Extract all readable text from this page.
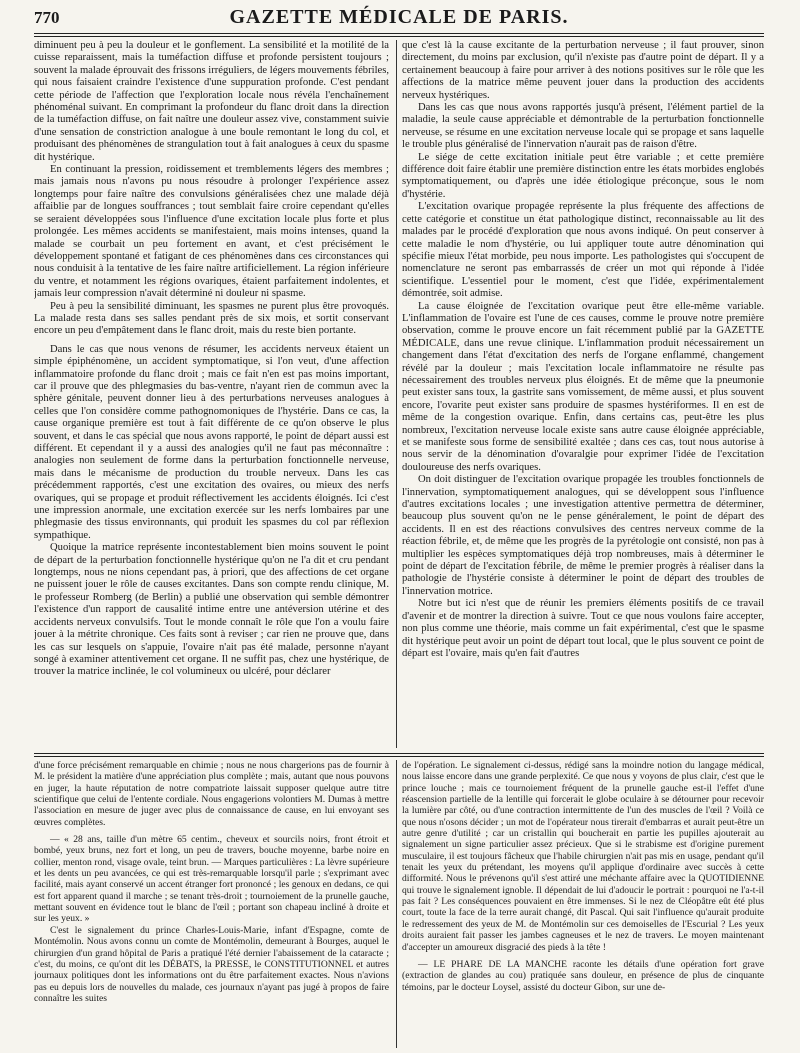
770	GAZETTE MÉDICALE DE PARIS.

diminuent peu à peu la douleur et le gonflement. La sensibilité et la motilité de la cuisse reparaissent, mais la tuméfaction diffuse et profonde persistent toujours ; souvent la malade éprouvait des frissons irréguliers, de légers mouvements fébriles, qui nous faisaient craindre l'existence d'une suppuration profonde. C'est pendant cette période de l'affection que l'exploration locale nous révéla l'enchaînement phénoménal suivant. En comprimant la profondeur du flanc droit dans la direction de la tuméfaction diffuse, on fait naître une douleur assez vive, constamment suivie d'une sensation de constriction analogue à une boule remontant le long du col, et produisant des phénomènes de strangulation tout à fait analogues à ceux du spasme dit hystérique.

En continuant la pression, roidissement et tremblements légers des membres ; mais jamais nous n'avons pu nous résoudre à prolonger l'expérience assez longtemps pour faire naître des convulsions généralisées chez une malade déjà affaiblie par de longues souffrances ; tout semblait faire croire cependant qu'elles se seraient développées sous l'influence d'une excitation locale plus forte et plus prolongée. Les mêmes accidents se manifestaient, mais moins intenses, quand la malade se courbait un peu fortement en avant, et c'est précisément le développement spontané et fatigant de ces phénomènes dans ces circonstances qui nous conduisit à la tentative de les faire naître artificiellement. La région inférieure du ventre, et notamment les régions ovariques, étaient parfaitement indolentes, et jamais leur compression n'avait déterminé ni douleur ni spasme.

Peu à peu la sensibilité diminuant, les spasmes ne purent plus être provoqués. La malade resta dans ses salles pendant près de six mois, et sortit conservant encore un peu d'empâtement dans le flanc droit, mais du reste bien portante.

Dans le cas que nous venons de résumer, les accidents nerveux étaient un simple épiphénomène, un accident symptomatique, si l'on veut, d'une affection inflammatoire profonde du flanc droit ; mais ce fait n'en est pas moins important, car il prouve que des phlegmasies du bas-ventre, n'ayant rien de commun avec la sphère génitale, peuvent donner lieu à des perturbations nerveuses analogues à celles que l'on considère comme pathognomoniques de l'hystérie. Dans ce cas, la cause organique première est tout à fait différente de ce qu'on observe le plus souvent, et dans le cas spécial que nous avons rapporté, le point de départ aussi est différent. Et cependant il y a aussi des analogies qu'il ne faut pas méconnaître : analogies non seulement de forme dans la perturbation fonctionnelle nerveuse, mais dans le mécanisme de production du trouble nerveux. Dans les cas précédemment rapportés, c'est une excitation des ovaires, ou mieux des nerfs ovariques, qui se propage et produit réflectivement les accidents éloignés. Ici c'est une impression anormale, une excitation exercée sur les nerfs lombaires par une phlegmasie des tissus environnants, qui produit les spasmes du col par réflexion sympathique.

Quoique la matrice représente incontestablement bien moins souvent le point de départ de la perturbation fonctionnelle hystérique qu'on ne l'a dit et cru pendant longtemps, nous ne nions cependant pas, à priori, que des affections de cet organe ne puissent jouer le rôle de causes excitantes. Dans son compte rendu clinique, M. le professeur Romberg (de Berlin) a publié une observation qui semble démontrer l'existence d'un rapport de causalité intime entre une antéversion utérine et des accidents nerveux convulsifs. Tout le monde connaît le rôle que l'on a voulu faire jouer à la métrite chronique. Ces faits sont à reviser ; car rien ne prouve que, dans les cas sur lesquels on s'appuie, l'ovaire n'ait pas été malade, personne n'ayant songé à examiner attentivement cet organe. Il ne suffit pas, chez une hystérique, de trouver la matrice inclinée, le col volumineux ou ulcéré, pour déclarer

que c'est là la cause excitante de la perturbation nerveuse ; il faut prouver, sinon directement, du moins par exclusion, qu'il n'existe pas d'autre point de départ. Il y a certainement beaucoup à faire pour arriver à des notions positives sur le rôle que les affections de la matrice même peuvent jouer dans la production des accidents nerveux hystériques.

Dans les cas que nous avons rapportés jusqu'à présent, l'élément partiel de la maladie, la seule cause appréciable et démontrable de la perturbation fonctionnelle nerveuse, se résume en une excitation nerveuse locale qui se propage et sans laquelle le trouble plus généralisé de l'innervation n'aurait pas de raison d'être.

Le siége de cette excitation initiale peut être variable ; et cette première différence doit faire établir une première distinction entre les états morbides englobés symptomatiquement, ou d'après une idée étiologique préconçue, sous le nom d'hystérie.

L'excitation ovarique propagée représente la plus fréquente des affections de cette catégorie et constitue un état pathologique distinct, reconnaissable au lit des malades par le procédé d'exploration que nous avons indiqué. On peut conserver à cette maladie le nom d'hystérie, ou lui appliquer toute autre dénomination qui spécifie mieux l'état morbide, peu nous importe. Les pathologistes qui s'occupent de nomenclature ne seront pas embarrassés de créer un mot qui réponde à l'idée scientifique. L'essentiel pour le moment, c'est que l'idée, expérimentalement démontrée, soit admise.

La cause éloignée de l'excitation ovarique peut être elle-même variable. L'inflammation de l'ovaire est l'une de ces causes, comme le prouve notre première observation, comme le prouve encore un fait récemment publié par la GAZETTE MÉDICALE, dans une revue clinique. L'inflammation produit nécessairement un changement dans l'état d'excitation des nerfs de l'organe enflammé, changement révélé par la douleur ; mais l'excitation locale inflammatoire ne résulte pas nécessairement des troubles nerveux plus éloignés. Et de même que la pneumonie peut exister sans toux, la gastrite sans vomissement, de même aussi, et plus souvent encore, l'ovarite peut exister sans produire de spasmes hystériformes. Il en est de même de la congestion ovarique. Enfin, dans certains cas, peut-être les plus nombreux, l'excitation nerveuse locale existe sans autre cause éloignée appréciable, et se manifeste sous forme de sensibilité exaltée ; dans ces cas, tout nous autorise à nous servir de la dénomination d'ovaralgie pour exprimer l'idée de l'excitation douloureuse des nerfs ovariques.

On doit distinguer de l'excitation ovarique propagée les troubles fonctionnels de l'innervation, symptomatiquement analogues, qui se développent sous l'influence d'autres excitations locales ; une investigation attentive permettra de déterminer, beaucoup plus souvent qu'on ne le pense généralement, le point de départ des accidents. Il en est des réactions convulsives des centres nerveux comme de la réaction fébrile, et, de même que les progrès de la pyrétologie ont consisté, non pas à multiplier les espèces symptomatiques déjà trop nombreuses, mais à déterminer le point de départ de l'excitation fébrile, de même le premier progrès à réaliser dans la pathologie de l'hystérie consiste à déterminer le point de départ des troubles de l'innervation motrice.

Notre but ici n'est que de réunir les premiers éléments positifs de ce travail d'avenir et de montrer la direction à suivre. Tout ce que nous voulons faire accepter, non plus comme une théorie, mais comme un fait expérimental, c'est que le spasme dit hystérique peut avoir un point de départ tout local, que le plus souvent ce point de départ est l'ovaire, mais qu'en fait d'autres

d'une force précisément remarquable en chimie ; nous ne nous chargerions pas de fournir à M. le président la matière d'une appréciation plus complète ; mais, autant que nous pouvons en juger, la haute réputation de notre compatriote laissait supposer quelque autre titre scientifique que celui de l'entente cordiale. Nous engagerions volontiers M. Dumas à mettre l'association en mesure de juger avec plus de connaissance de cause, en lui envoyant ses œuvres complètes.

— « 28 ans, taille d'un mètre 65 centim., cheveux et sourcils noirs, front étroit et bombé, yeux bruns, nez fort et long, un peu de travers, bouche moyenne, barbe noire en collier, menton rond, visage ovale, teint brun. — Marques particulières : La lèvre supérieure et les dents un peu avancées, ce qui est très-remarquable lorsqu'il parle ; s'exprimant avec facilité, mais ayant conservé un accent étranger fort prononcé ; les genoux en dedans, ce qui est fort apparent quand il marche ; se tenant très-droit ; tournoiement de la prunelle gauche, mettant souvent en évidence tout le blanc de l'œil ; portant son chapeau incliné à droite et sur les yeux. »

C'est le signalement du prince Charles-Louis-Marie, infant d'Espagne, comte de Montémolin. Nous avons connu un comte de Montémolin, demeurant à Bourges, auquel le chirurgien d'un grand hôpital de Paris a pratiqué l'été dernier l'abaissement de la cataracte ; c'est, du moins, ce qu'ont dit les DÉBATS, la PRESSE, le CONSTITUTIONNEL et autres journaux politiques dont les informations ont du être parfaitement exactes. Nous n'avions pas eu depuis lors de nouvelles du malade, ces journaux n'ayant pas jugé à propos de faire connaître les suites

de l'opération. Le signalement ci-dessus, rédigé sans la moindre notion du langage médical, nous laisse encore dans une grande perplexité. Ce que nous y voyons de plus clair, c'est que le prince louche ; mais ce tournoiement fréquent de la prunelle gauche est-il l'effet d'une réascension partielle de la lentille qui forcerait le globe oculaire à se détourner pour recevoir la lumière par côté, ou d'une contraction intermittente de l'un des muscles de l'œil ? Voilà ce que nous n'osons décider ; un mot de l'opérateur nous tirerait d'embarras et aurait peut-être un autre genre d'utilité ; car un cristallin qui boucherait en partie les pupilles ajouterait au signalement un signe particulier assez précieux. Que si le strabisme est d'origine purement musculaire, il est toujours fâcheux que l'habile chirurgien n'ait pas mis en usage, pendant qu'il tenait les yeux du prétendant, les moyens qu'il applique d'ordinaire avec succès à cette difformité. Nous le prévenons qu'il s'est attiré une méchante affaire avec la QUOTIDIENNE qui trouve le signalement ignoble. Il dépendait de lui d'adoucir le portrait : pourquoi ne l'a-t-il pas fait ? Les conséquences pouvaient en être immenses. Si le nez de Cléopâtre eût été plus court, toute la face de la terre aurait changé, dit Pascal. Qui sait l'influence qu'aurait produite le redressement des yeux de M. de Montémolin sur ces demoiselles de l'Escurial ? Les yeux droits auraient fait passer les jambes cagneuses et le nez de travers. Le moyen maintenant d'accepter un amoureux disgracié des pieds à la tête !

— LE PHARE DE LA MANCHE raconte les détails d'une opération fort grave (extraction de glandes au cou) pratiquée sans douleur, en présence de plus de cinquante témoins, par le docteur Loysel, assisté du docteur Gibon, sur une de-
